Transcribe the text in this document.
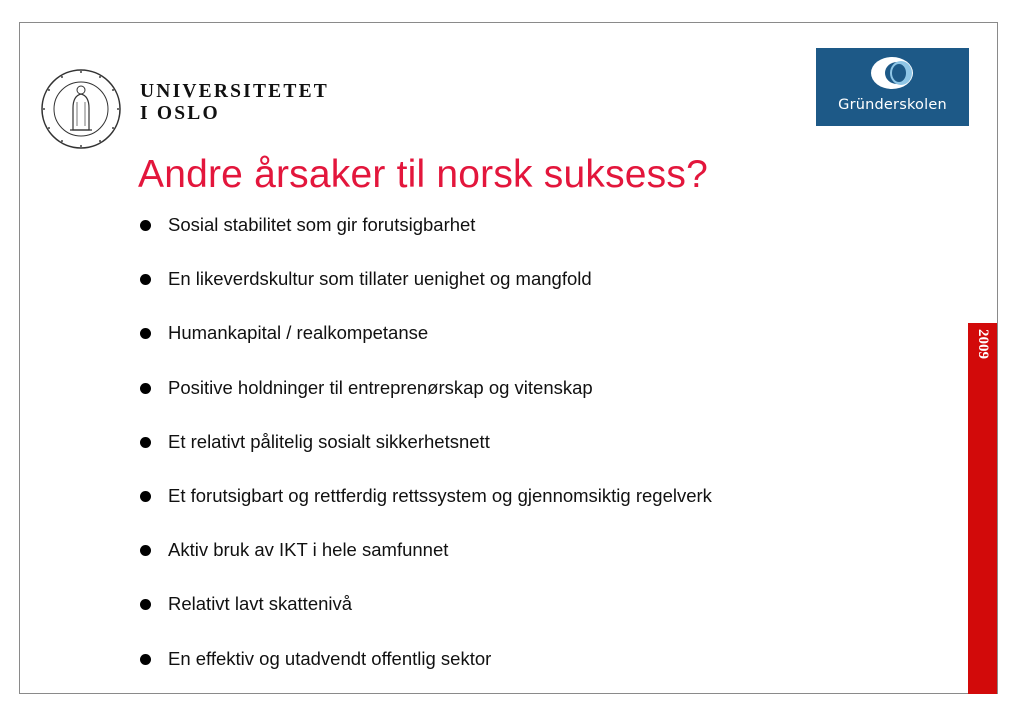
UNIVERSITETET
I OSLO	Gründerskolen
Andre årsaker til norsk suksess?
Sosial stabilitet som gir forutsigbarhet
En likeverdskultur som tillater uenighet og mangfold
Humankapital / realkompetanse
Positive holdninger til entreprenørskap og vitenskap
Et relativt pålitelig sosialt sikkerhetsnett
Et forutsigbart og rettferdig rettssystem og gjennomsiktig regelverk
Aktiv bruk av IKT i hele samfunnet
Relativt lavt skattenivå
En effektiv og utadvendt offentlig sektor
2009
